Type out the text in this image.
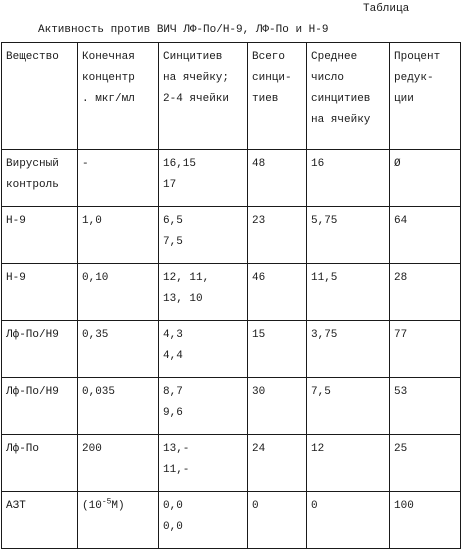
Таблица
Активность против ВИЧ ЛФ-По/Н-9, ЛФ-По и Н-9
Вещество	Конечная
концентр
. мкг/мл	Синцитиев
на ячейку;
2-4 ячейки	Всего
синци-
тиев	Среднее
число
синцитиев
на ячейку	Процент
редук-
ции

Вирусный
контроль	-	16,15
17	48	16	Ø

Н-9	1,0	6,5
7,5	23	5,75	64

Н-9	0,10	12, 11,
13, 10	46	11,5	28

Лф-По/Н9	0,35	4,3
4,4	15	3,75	77

Лф-По/Н9	0,035	8,7
9,6	30	7,5	53

Лф-По	200	13,-
11,-	24	12	25

АЗТ	$(10^{-5}М)$	0,0
0,0	0	0	100
